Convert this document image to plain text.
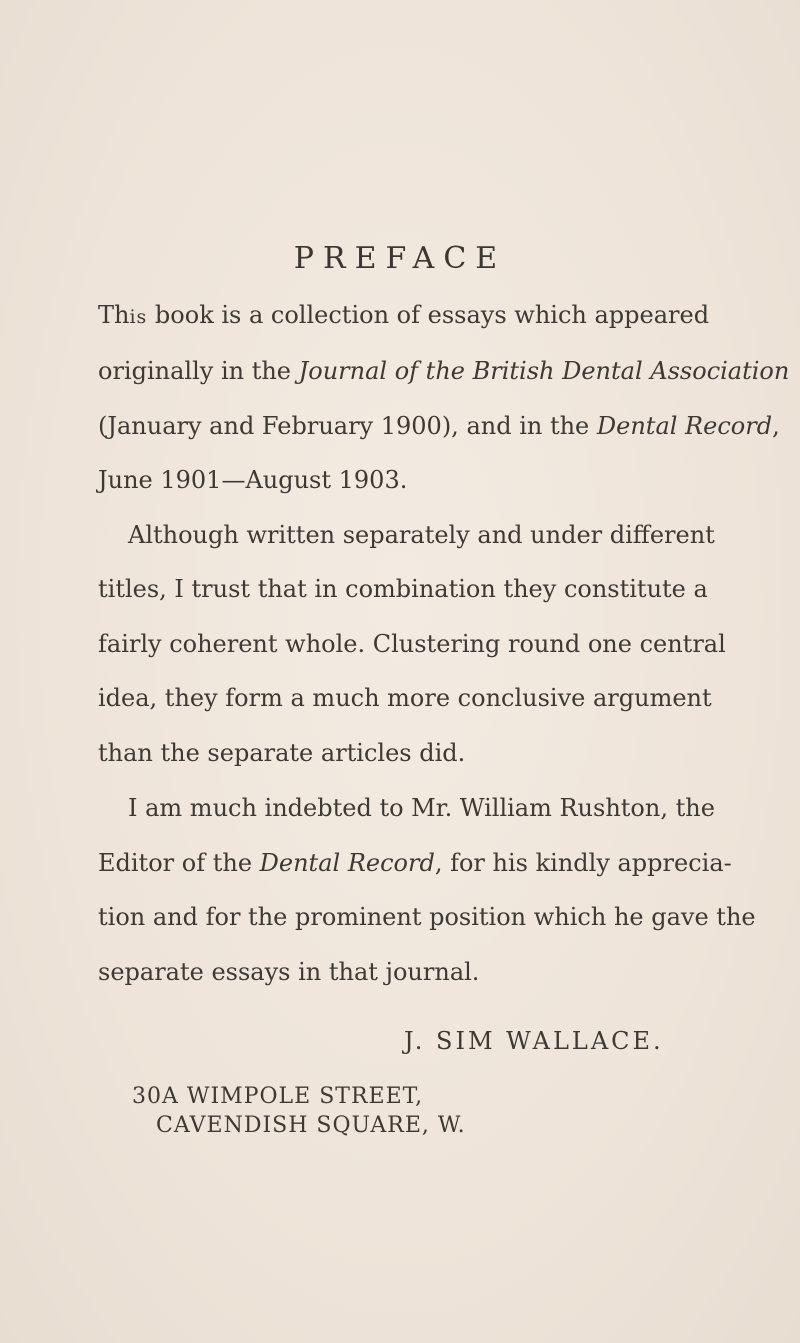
PREFACE
This book is a collection of essays which appeared
originally in the Journal of the British Dental Association
(January and February 1900), and in the Dental Record,
June 1901—August 1903.
Although written separately and under different
titles, I trust that in combination they constitute a
fairly coherent whole. Clustering round one central
idea, they form a much more conclusive argument
than the separate articles did.
I am much indebted to Mr. William Rushton, the
Editor of the Dental Record, for his kindly apprecia-
tion and for the prominent position which he gave the
separate essays in that journal.
J. SIM WALLACE.
30A WIMPOLE STREET,
CAVENDISH SQUARE, W.
